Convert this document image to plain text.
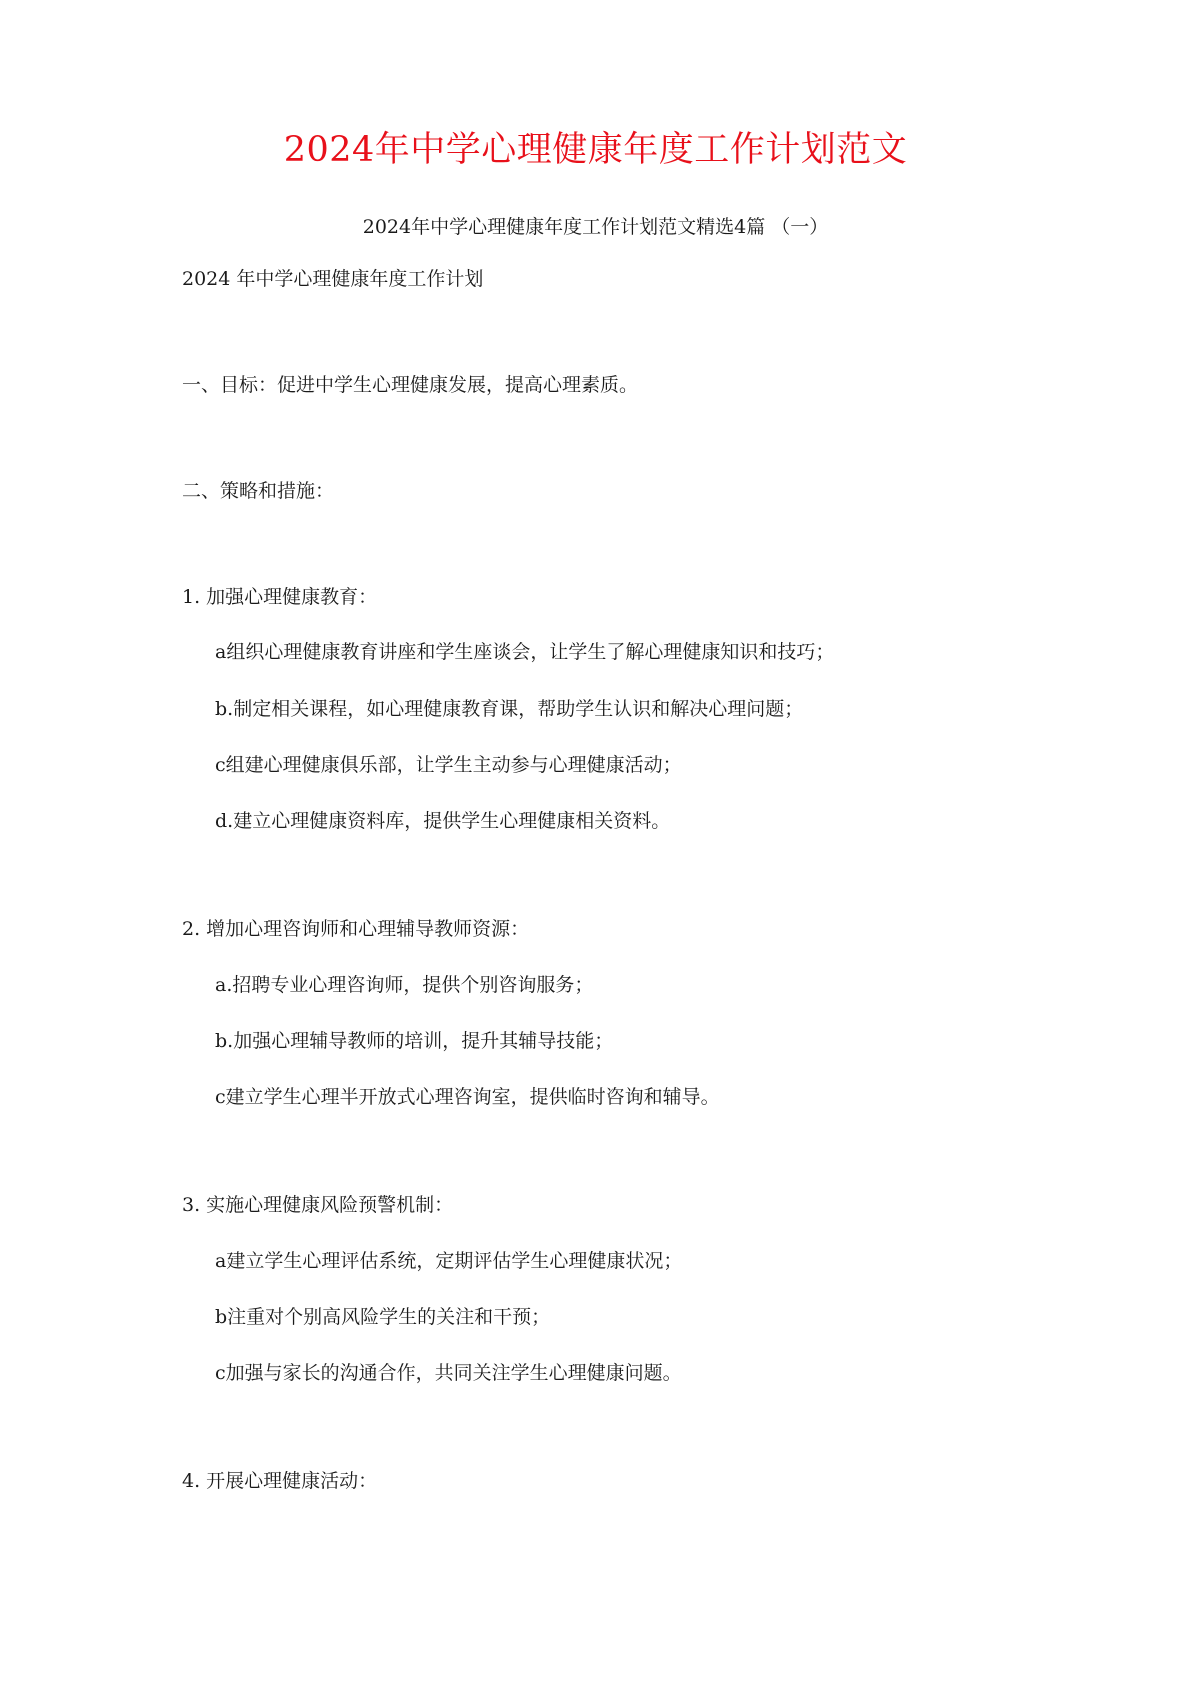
2024年中学心理健康年度工作计划范文
2024年中学心理健康年度工作计划范文精选4篇 （一）
2024 年中学心理健康年度工作计划
一、目标：促进中学生心理健康发展，提高心理素质。
二、策略和措施：
1. 加强心理健康教育：
a组织心理健康教育讲座和学生座谈会，让学生了解心理健康知识和技巧；
b.制定相关课程，如心理健康教育课，帮助学生认识和解决心理问题；
c组建心理健康俱乐部，让学生主动参与心理健康活动；
d.建立心理健康资料库，提供学生心理健康相关资料。
2. 增加心理咨询师和心理辅导教师资源：
a.招聘专业心理咨询师，提供个别咨询服务；
b.加强心理辅导教师的培训，提升其辅导技能；
c建立学生心理半开放式心理咨询室，提供临时咨询和辅导。
3. 实施心理健康风险预警机制：
a建立学生心理评估系统，定期评估学生心理健康状况；
b注重对个别高风险学生的关注和干预；
c加强与家长的沟通合作，共同关注学生心理健康问题。
4. 开展心理健康活动：
